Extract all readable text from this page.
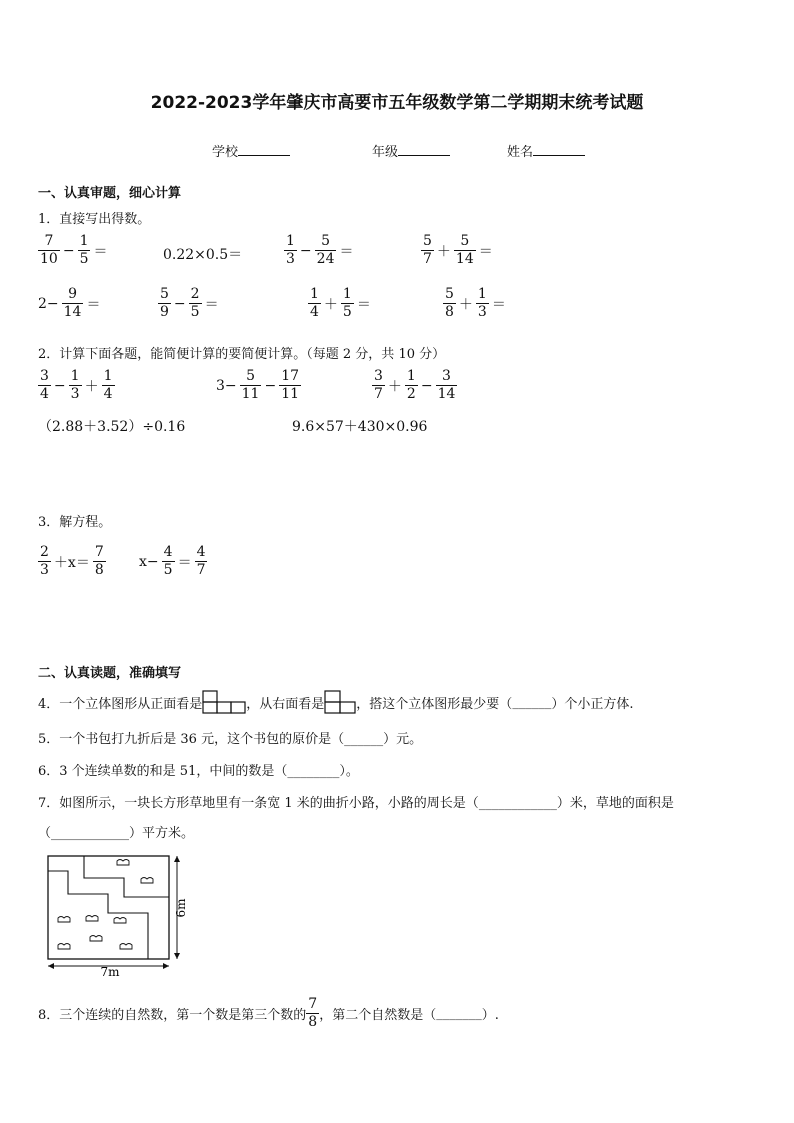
2022-2023学年肇庆市高要市五年级数学第二学期期末统考试题
学校	年级	姓名
一、认真审题，细心计算
1．直接写出得数。
$\frac{7}{10} - \frac{1}{5}$ ＝	0.22×0.5＝	$\frac{1}{3} - \frac{5}{24}$ ＝	$\frac{5}{7} + \frac{5}{14}$ ＝
$2- \frac{9}{14}$ ＝	$\frac{5}{9} - \frac{2}{5}$ ＝	$\frac{1}{4} + \frac{1}{5}$ ＝	$\frac{5}{8} + \frac{1}{3}$ ＝
2．计算下面各题，能简便计算的要简便计算。（每题 2 分，共 10 分）
$\frac{3}{4} - \frac{1}{3} + \frac{1}{4}$	$3- \frac{5}{11} - \frac{17}{11}$	$\frac{3}{7} + \frac{1}{2} - \frac{3}{14}$
（2.88＋3.52）÷0.16	9.6×57＋430×0.96
3．解方程。
$\frac{2}{3} +x= \frac{7}{8} x- \frac{4}{5} = \frac{4}{7}$
二、认真读题，准确填写
4．一个立体图形从正面看是	，从右面看是 ，搭这个立体图形最少要（ ______ ）个小正方体.
5．一个书包打九折后是 36 元，这个书包的原价是（______）元。
6．3 个连续单数的和是 51，中间的数是（________）。
7．如图所示，一块长方形草地里有一条宽 1 米的曲折小路，小路的周长是（____________）米，草地的面积是
（____________）平方米。
7m
6m
8．三个连续的自然数，第一个数是第三个数的 $\frac{7}{8}$ ，第二个自然数是（ _______ ）.
